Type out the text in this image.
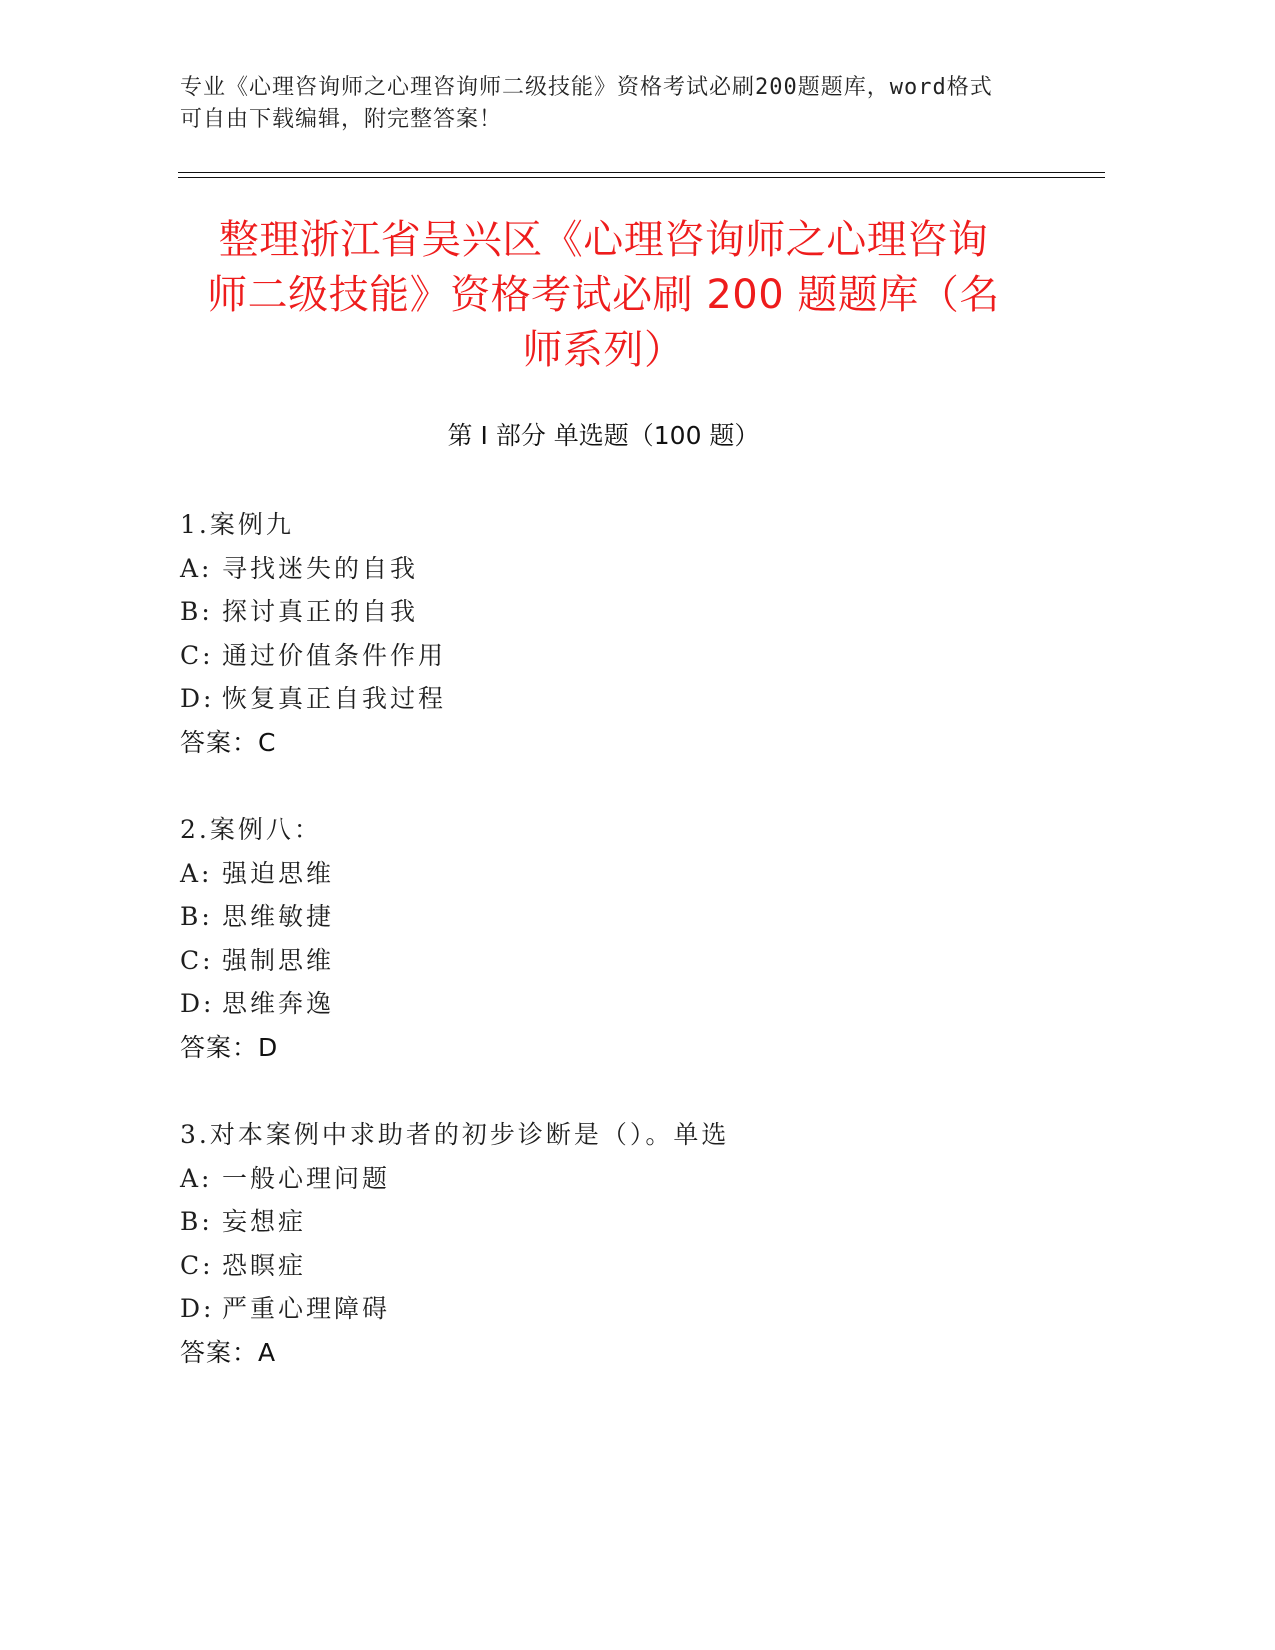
专业《心理咨询师之心理咨询师二级技能》资格考试必刷200题题库，word格式
可自由下载编辑，附完整答案！
整理浙江省吴兴区《心理咨询师之心理咨询
师二级技能》资格考试必刷 200 题题库（名
师系列）
第 I 部分 单选题（100 题）
1.案例九
A: 寻找迷失的自我
B: 探讨真正的自我
C: 通过价值条件作用
D: 恢复真正自我过程
答案：C
2.案例八：
A: 强迫思维
B: 思维敏捷
C: 强制思维
D: 思维奔逸
答案：D
3.对本案例中求助者的初步诊断是（）。单选
A: 一般心理问题
B: 妄想症
C: 恐瞑症
D: 严重心理障碍
答案：A
